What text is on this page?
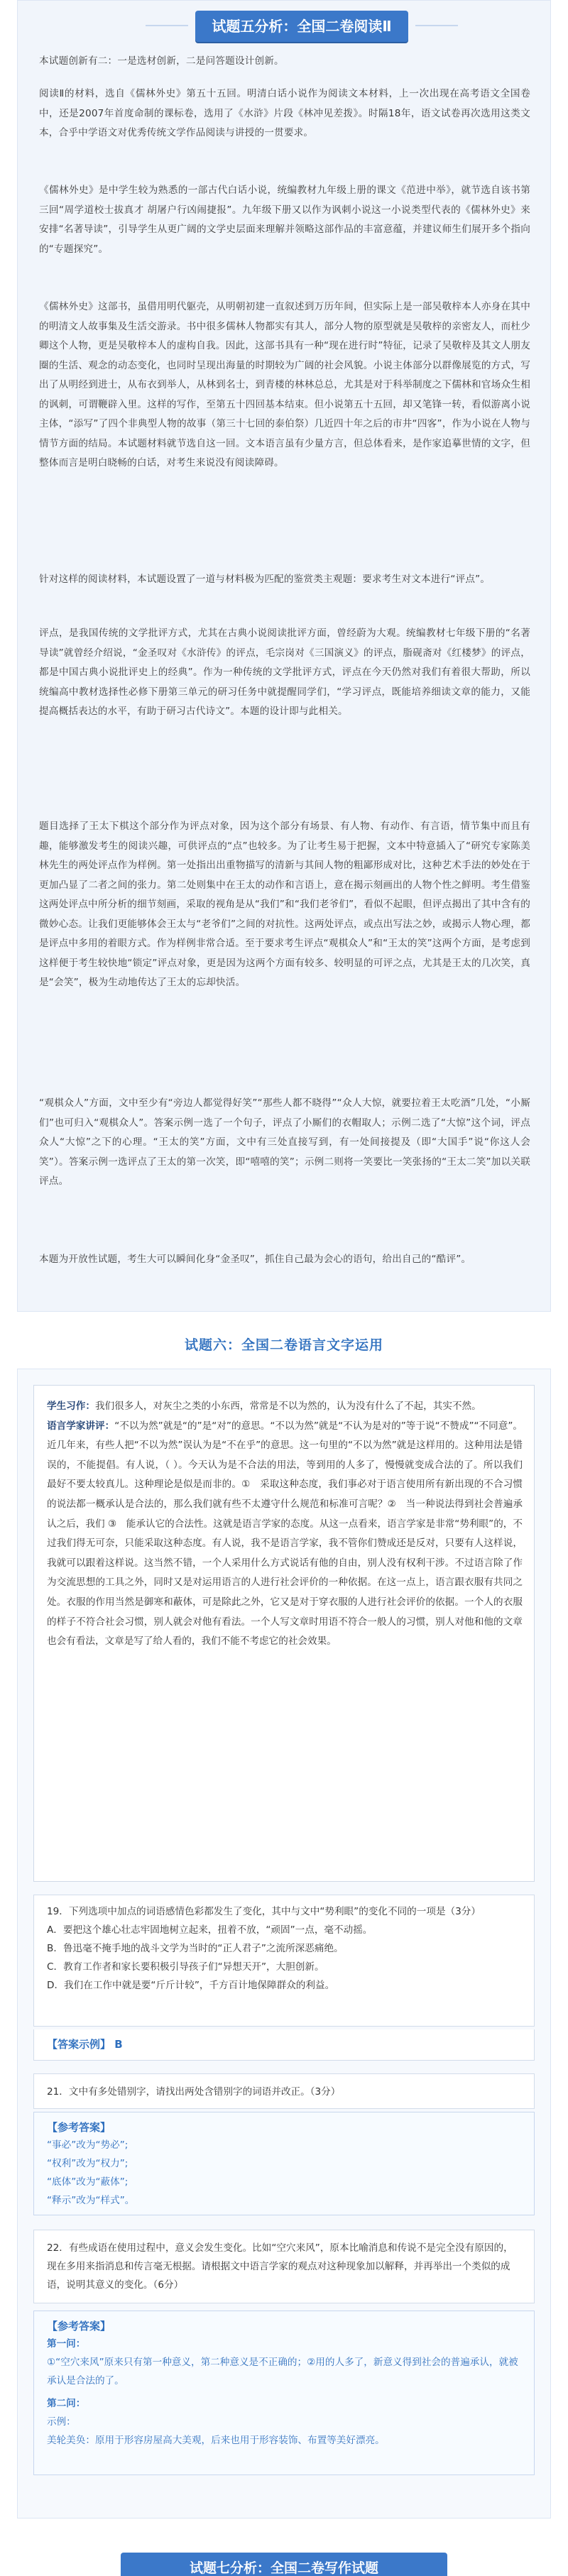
试题五分析：全国二卷阅读Ⅱ

本试题创新有二：一是选材创新，二是问答题设计创新。

阅读Ⅱ的材料，选自《儒林外史》第五十五回。明清白话小说作为阅读文本材料，上一次出现在高考语文全国卷中，还是2007年首度命制的课标卷，选用了《水浒》片段《林冲见差拨》。时隔18年，语文试卷再次选用这类文本，合乎中学语文对优秀传统文学作品阅读与讲授的一贯要求。

《儒林外史》是中学生较为熟悉的一部古代白话小说，统编教材九年级上册的课文《范进中举》，就节选自该书第三回“周学道校士拔真才 胡屠户行凶闹捷报”。九年级下册又以作为讽刺小说这一小说类型代表的《儒林外史》来安排“名著导读”，引导学生从更广阔的文学史层面来理解并领略这部作品的丰富意蕴，并建议师生们展开多个指向的“专题探究”。

《儒林外史》这部书，虽借用明代躯壳，从明朝初建一直叙述到万历年间，但实际上是一部吴敬梓本人亦身在其中的明清文人故事集及生活交游录。书中很多儒林人物都实有其人，部分人物的原型就是吴敬梓的亲密友人，而杜少卿这个人物，更是吴敬梓本人的虚构自我。因此，这部书具有一种“现在进行时”特征，记录了吴敬梓及其文人朋友圈的生活、观念的动态变化，也同时呈现出海量的时期较为广阔的社会风貌。小说主体部分以群像展览的方式，写出了从明经到进士，从布衣到举人，从林到名士，到青楼的林林总总，尤其是对于科举制度之下儒林和官场众生相的讽刺，可谓鞭辟入里。这样的写作，至第五十四回基本结束。但小说第五十五回，却又笔锋一转，看似游离小说主体，“添写”了四个非典型人物的故事（第三十七回的泰伯祭）几近四十年之后的市井“四客”，作为小说在人物与情节方面的结局。本试题材料就节选自这一回。文本语言虽有少量方言，但总体看来，是作家追摹世情的文字，但整体而言是明白晓畅的白话，对考生来说没有阅读障碍。

针对这样的阅读材料，本试题设置了一道与材料极为匹配的鉴赏类主观题：要求考生对文本进行“评点”。

评点，是我国传统的文学批评方式，尤其在古典小说阅读批评方面，曾经蔚为大观。统编教材七年级下册的“名著导读”就曾经介绍说，“金圣叹对《水浒传》的评点，毛宗岗对《三国演义》的评点，脂砚斋对《红楼梦》的评点，都是中国古典小说批评史上的经典”。作为一种传统的文学批评方式，评点在今天仍然对我们有着很大帮助，所以统编高中教材选择性必修下册第三单元的研习任务中就提醒同学们，“学习评点，既能培养细读文章的能力，又能提高概括表达的水平，有助于研习古代诗文”。本题的设计即与此相关。

题目选择了王太下棋这个部分作为评点对象，因为这个部分有场景、有人物、有动作、有言语，情节集中而且有趣，能够激发考生的阅读兴趣，可供评点的“点”也较多。为了让考生易于把握，文本中特意插入了“研究专家陈美林先生的两处评点作为样例。第一处指出出重物描写的清新与其间人物的粗鄙形成对比，这种艺术手法的妙处在于更加凸显了二者之间的张力。第二处则集中在王太的动作和言语上，意在揭示刻画出的人物个性之鲜明。考生借鉴这两处评点中所分析的细节刻画，采取的视角是从“我们”和“我们老爷们”，看似不起眼，但评点揭出了其中含有的微妙心态。让我们更能够体会王太与“老爷们”之间的对抗性。这两处评点，或点出写法之妙，或揭示人物心理，都是评点中多用的着眼方式。作为样例非常合适。至于要求考生评点“观棋众人”和“王太的笑”这两个方面，是考虑到这样便于考生较快地“锁定”评点对象，更是因为这两个方面有较多、较明显的可评之点，尤其是王太的几次笑，真是“会笑”，极为生动地传达了王太的忘却快活。

“观棋众人”方面，文中至少有“旁边人都觉得好笑”“那些人都不晓得”“众人大惊，就要拉着王太吃酒”几处，“小厮们”也可归入“观棋众人”。答案示例一选了一个句子，评点了小厮们的衣帽取人；示例二选了“大惊”这个词，评点众人“大惊”之下的心理。“王太的笑”方面，文中有三处直接写到，有一处间接提及（即“大国手”说“你这人会笑”）。答案示例一选评点了王太的第一次笑，即“嘻嘻的笑”；示例二则将一笑要比一笑张扬的“王太二笑”加以关联评点。

本题为开放性试题，考生大可以瞬间化身“金圣叹”，抓住自己最为会心的语句，给出自己的“酷评”。

试题六：全国二卷语言文字运用

学生习作：我们很多人，对灰尘之类的小东西，常常是不以为然的，认为没有什么了不起，其实不然。
语言学家讲评：“不以为然”就是“的”是“对”的意思。“不以为然”就是“不认为是对的”等于说“不赞成”“不同意”。近几年来，有些人把“不以为然”误认为是“不在乎”的意思。这一句里的“不以为然”就是这样用的。这种用法是错误的，不能提倡。有人说，（ ）。今天认为是不合法的用法，等到用的人多了，慢慢就变成合法的了。所以我们最好不要太较真儿。这种理论是似是而非的。①　采取这种态度，我们事必对于语言使用所有新出现的不合习惯的说法都一概承认是合法的，那么我们就有些不太遵守什么规范和标准可言呢？②　当一种说法得到社会普遍承认之后，我们 ③　能承认它的合法性。这就是语言学家的态度。从这一点看来，语言学家是非常“势利眼”的，不过我们得无可奈，只能采取这种态度。有人说，我不是语言学家，我不管你们赞成还是反对，只要有人这样说，我就可以跟着这样说。这当然不错，一个人采用什么方式说话有他的自由，别人没有权利干涉。不过语言除了作为交流思想的工具之外，同时又是对运用语言的人进行社会评价的一种依据。在这一点上，语言跟衣服有共同之处。衣服的作用当然是御寒和蔽体，可是除此之外，它又是对于穿衣服的人进行社会评价的依据。一个人的衣服的样子不符合社会习惯，别人就会对他有看法。一个人写文章时用语不符合一般人的习惯，别人对他和他的文章也会有看法，文章是写了给人看的，我们不能不考虑它的社会效果。

19．下列选项中加点的词语感情色彩都发生了变化，其中与文中“势利眼”的变化不同的一项是（3分）

A．要把这个雄心壮志牢固地树立起来，扭着不放，“顽固”一点，毫不动摇。

B．鲁迅毫不掩手地的战斗文学为当时的“正人君子”之流所深恶痛绝。

C．教育工作者和家长要积极引导孩子们“异想天开”，大胆创新。

D．我们在工作中就是要“斤斤计较”，千方百计地保障群众的利益。

【答案示例】 B

21．文中有多处错别字，请找出两处含错别字的词语并改正。（3分）

【参考答案】
“事必”改为“势必”;
“权利”改为“权力”;
“底体”改为“蔽体”;
“释示”改为“样式”。

22．有些成语在使用过程中，意义会发生变化。比如“空穴来风”，原本比喻消息和传说不是完全没有原因的，现在多用来指消息和传言毫无根据。请根据文中语言学家的观点对这种现象加以解释，并再举出一个类似的成语，说明其意义的变化。（6分）

【参考答案】
第一问：
①“空穴来风”原来只有第一种意义，第二种意义是不正确的；②用的人多了，新意义得到社会的普遍承认，就被承认是合法的了。
第二问：
示例：
美轮美奂：原用于形容房屋高大美观，后来也用于形容装饰、布置等美好漂亮。
试题七分析：全国二卷写作试题
